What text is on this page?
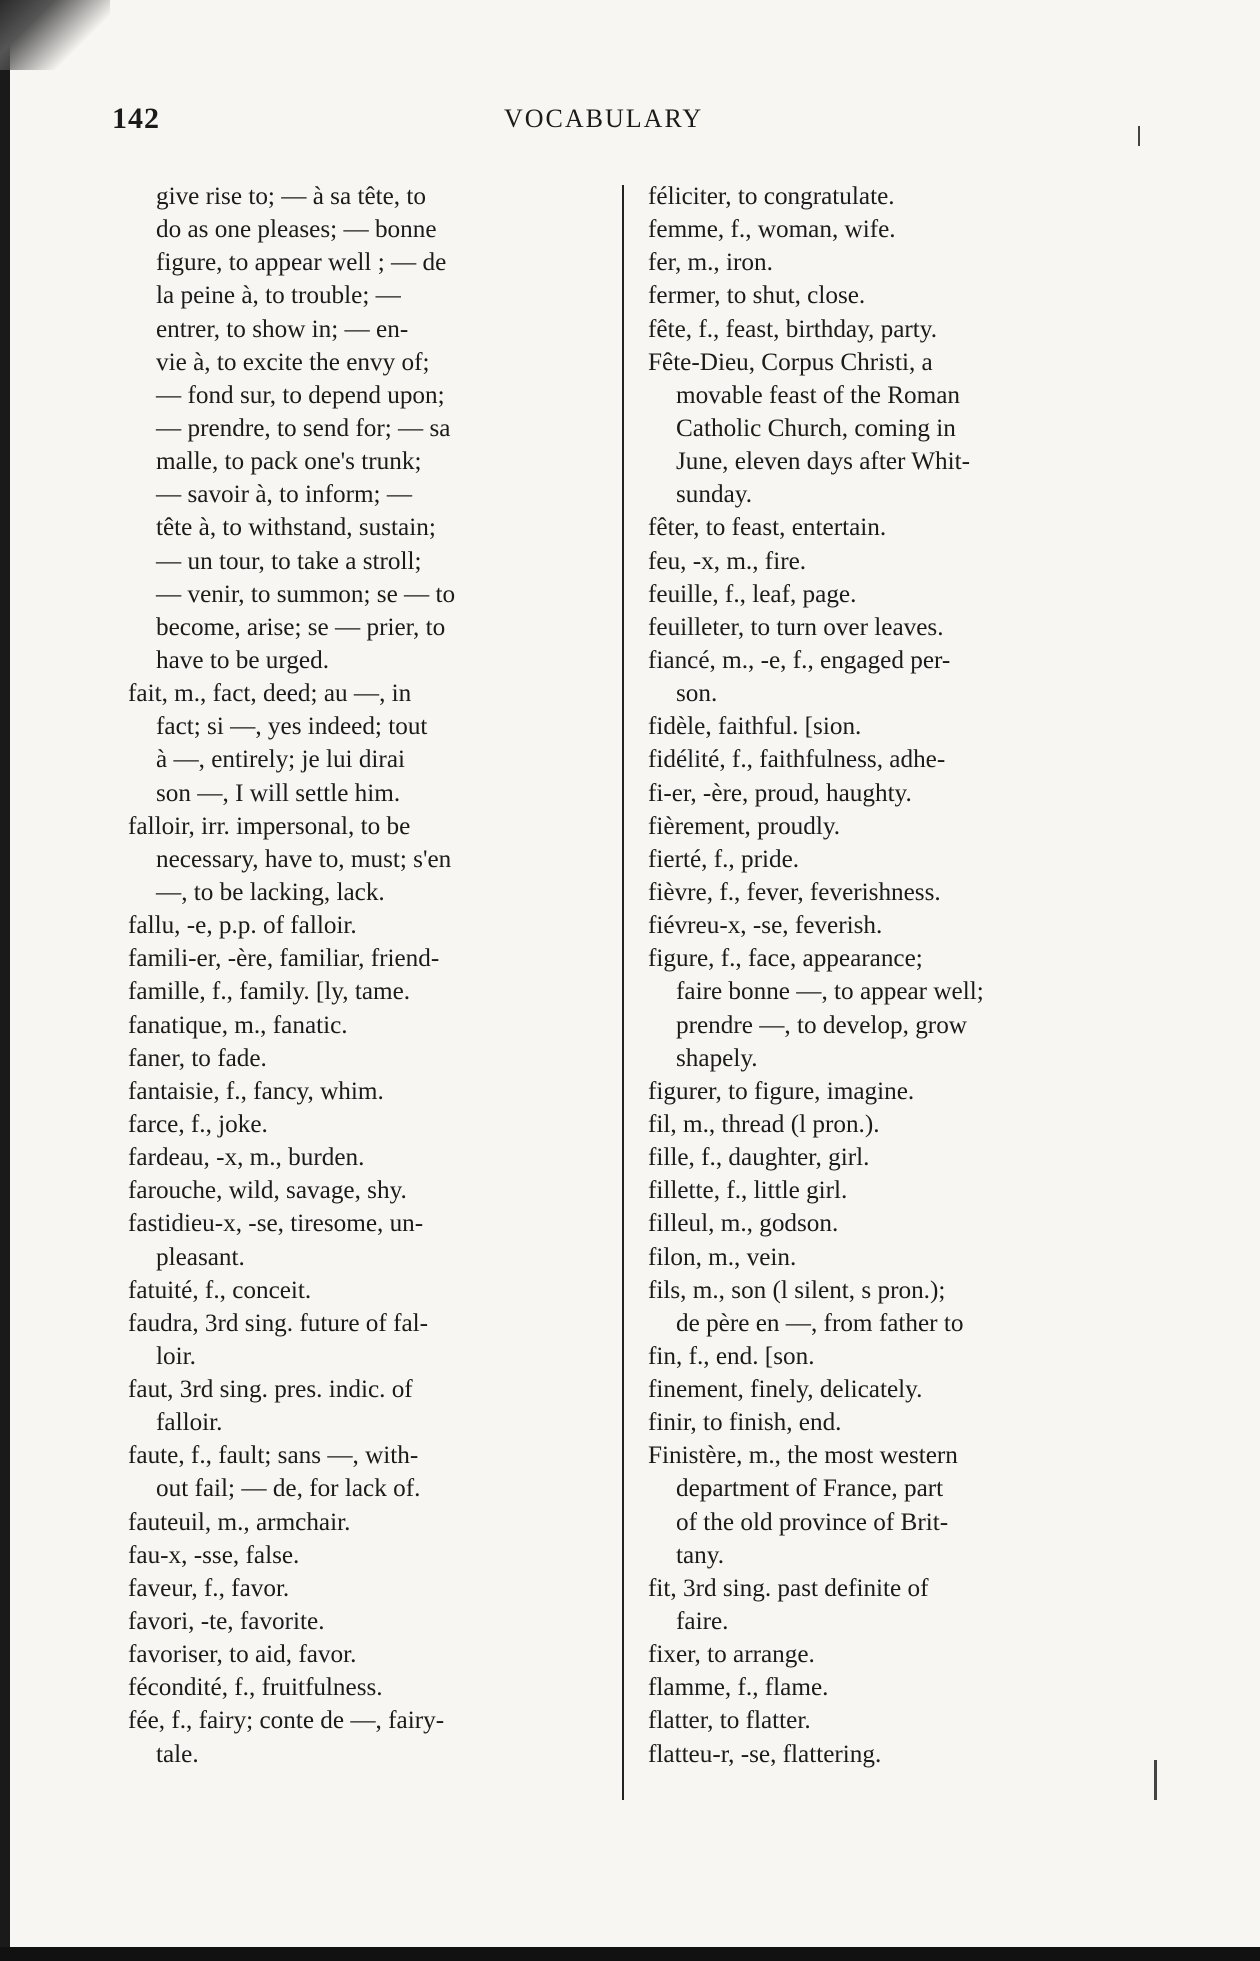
142	VOCABULARY
give rise to; — à sa tête, to
do as one pleases; — bonne
figure, to appear well ; — de
la peine à, to trouble; —
entrer, to show in; — en-
vie à, to excite the envy of;
— fond sur, to depend upon;
— prendre, to send for; — sa
malle, to pack one's trunk;
— savoir à, to inform; —
tête à, to withstand, sustain;
— un tour, to take a stroll;
— venir, to summon; se — to
become, arise; se — prier, to
have to be urged.
fait, m., fact, deed; au —, in
fact; si —, yes indeed; tout
à —, entirely; je lui dirai
son —, I will settle him.
falloir, irr. impersonal, to be
necessary, have to, must; s'en
—, to be lacking, lack.
fallu, -e, p.p. of falloir.
famili-er, -ère, familiar, friend-
famille, f., family. [ly, tame.
fanatique, m., fanatic.
faner, to fade.
fantaisie, f., fancy, whim.
farce, f., joke.
fardeau, -x, m., burden.
farouche, wild, savage, shy.
fastidieu-x, -se, tiresome, un-
pleasant.
fatuité, f., conceit.
faudra, 3rd sing. future of fal-
loir.
faut, 3rd sing. pres. indic. of
falloir.
faute, f., fault; sans —, with-
out fail; — de, for lack of.
fauteuil, m., armchair.
fau-x, -sse, false.
faveur, f., favor.
favori, -te, favorite.
favoriser, to aid, favor.
fécondité, f., fruitfulness.
fée, f., fairy; conte de —, fairy-
tale.
féliciter, to congratulate.
femme, f., woman, wife.
fer, m., iron.
fermer, to shut, close.
fête, f., feast, birthday, party.
Fête-Dieu, Corpus Christi, a
movable feast of the Roman
Catholic Church, coming in
June, eleven days after Whit-
sunday.
fêter, to feast, entertain.
feu, -x, m., fire.
feuille, f., leaf, page.
feuilleter, to turn over leaves.
fiancé, m., -e, f., engaged per-
son.
fidèle, faithful. [sion.
fidélité, f., faithfulness, adhe-
fi-er, -ère, proud, haughty.
fièrement, proudly.
fierté, f., pride.
fièvre, f., fever, feverishness.
fiévreu-x, -se, feverish.
figure, f., face, appearance;
faire bonne —, to appear well;
prendre —, to develop, grow
shapely.
figurer, to figure, imagine.
fil, m., thread (l pron.).
fille, f., daughter, girl.
fillette, f., little girl.
filleul, m., godson.
filon, m., vein.
fils, m., son (l silent, s pron.);
de père en —, from father to
fin, f., end. [son.
finement, finely, delicately.
finir, to finish, end.
Finistère, m., the most western
department of France, part
of the old province of Brit-
tany.
fit, 3rd sing. past definite of
faire.
fixer, to arrange.
flamme, f., flame.
flatter, to flatter.
flatteu-r, -se, flattering.
